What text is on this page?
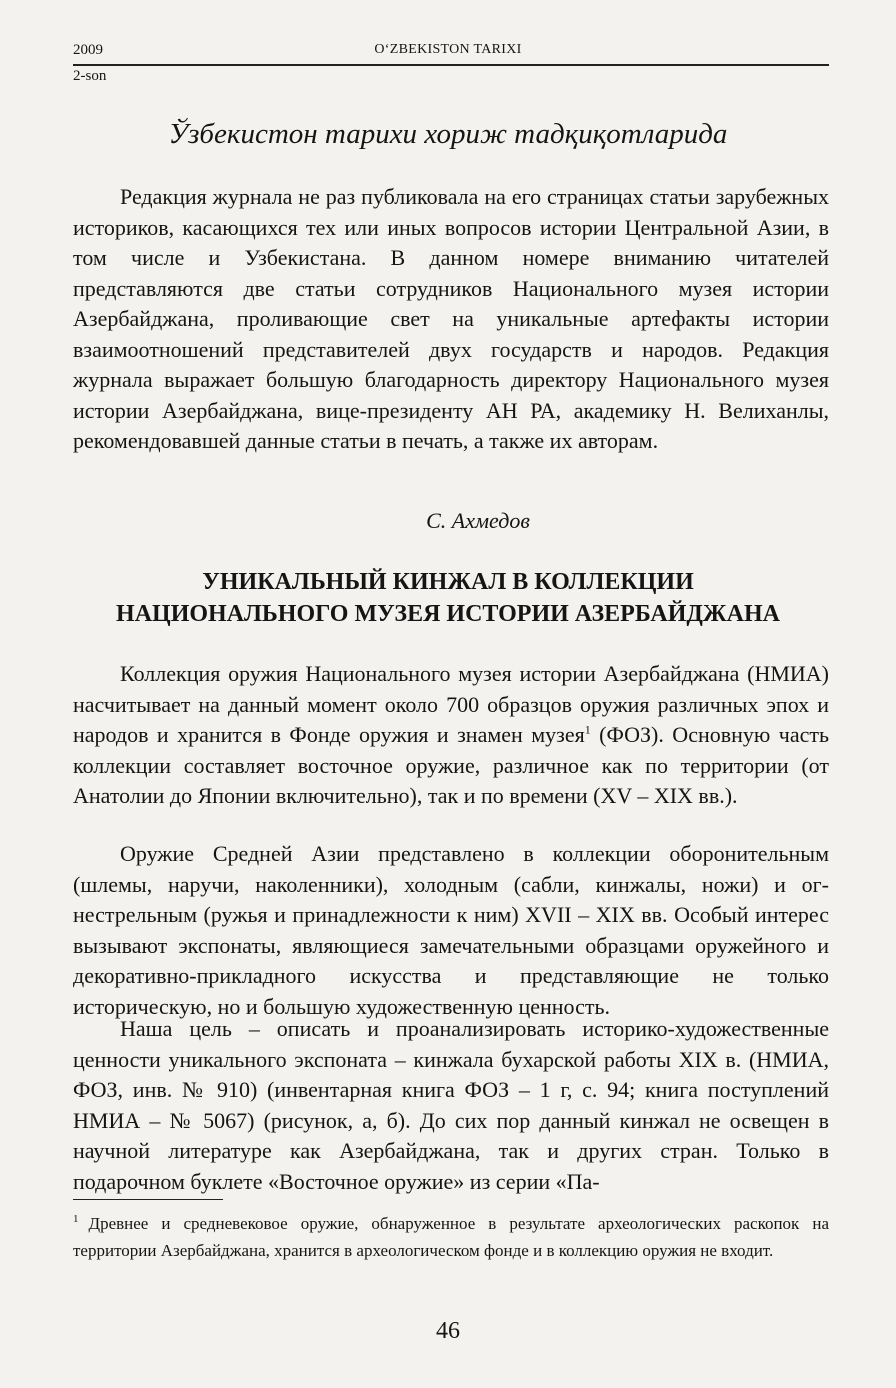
2009	O‘ZBEKISTON TARIXI
2-son
Ўзбекистон тарихи хориж тадқиқотларида

Редакция журнала не раз публиковала на его страницах статьи зарубежных историков, касающихся тех или иных вопросов истории Центральной Азии, в том числе и Узбекистана. В данном номере вниманию читателей представляются две статьи сотрудников Национального музея истории Азербайджана, проливающие свет на уникальные артефакты истории взаимоотношений представителей двух государств и народов. Редакция журнала выражает большую благодарность директору Национального музея истории Азербайджана, вице-президенту АН РА, академику Н. Велиханлы, рекомендовавшей данные статьи в печать, а также их авторам.

С. Ахмедов
УНИКАЛЬНЫЙ КИНЖАЛ В КОЛЛЕКЦИИ
НАЦИОНАЛЬНОГО МУЗЕЯ ИСТОРИИ АЗЕРБАЙДЖАНА

Коллекция оружия Национального музея истории Азербайджана (НМИА) насчитывает на данный момент около 700 образцов оружия различных эпох и народов и хранится в Фонде оружия и знамен музея$^1$ (ФОЗ). Основную часть коллекции составляет восточное оружие, различное как по территории (от Анатолии до Японии включительно), так и по времени (XV – XIX вв.).

Оружие Средней Азии представлено в коллекции оборонительным (шлемы, наручи, наколенники), холодным (сабли, кинжалы, ножи) и огнестрельным (ружья и принадлежности к ним) XVII – XIX вв. Особый интерес вызывают экспонаты, являющиеся замечательными образцами оружейного и декоративно-прикладного искусства и представляющие не только историческую, но и большую художественную ценность.

Наша цель – описать и проанализировать историко-художественные ценности уникального экспоната – кинжала бухарской работы XIX в. (НМИА, ФОЗ, инв. № 910) (инвентарная книга ФОЗ – 1 г, с. 94; книга поступлений НМИА – № 5067) (рисунок, а, б). До сих пор данный кинжал не освещен в научной литературе как Азербайджана, так и других стран. Только в подарочном буклете «Восточное оружие» из серии «Па-

$^1$ Древнее и средневековое оружие, обнаруженное в результате археологических раскопок на территории Азербайджана, хранится в археологическом фонде и в коллекцию оружия не входит.

46
